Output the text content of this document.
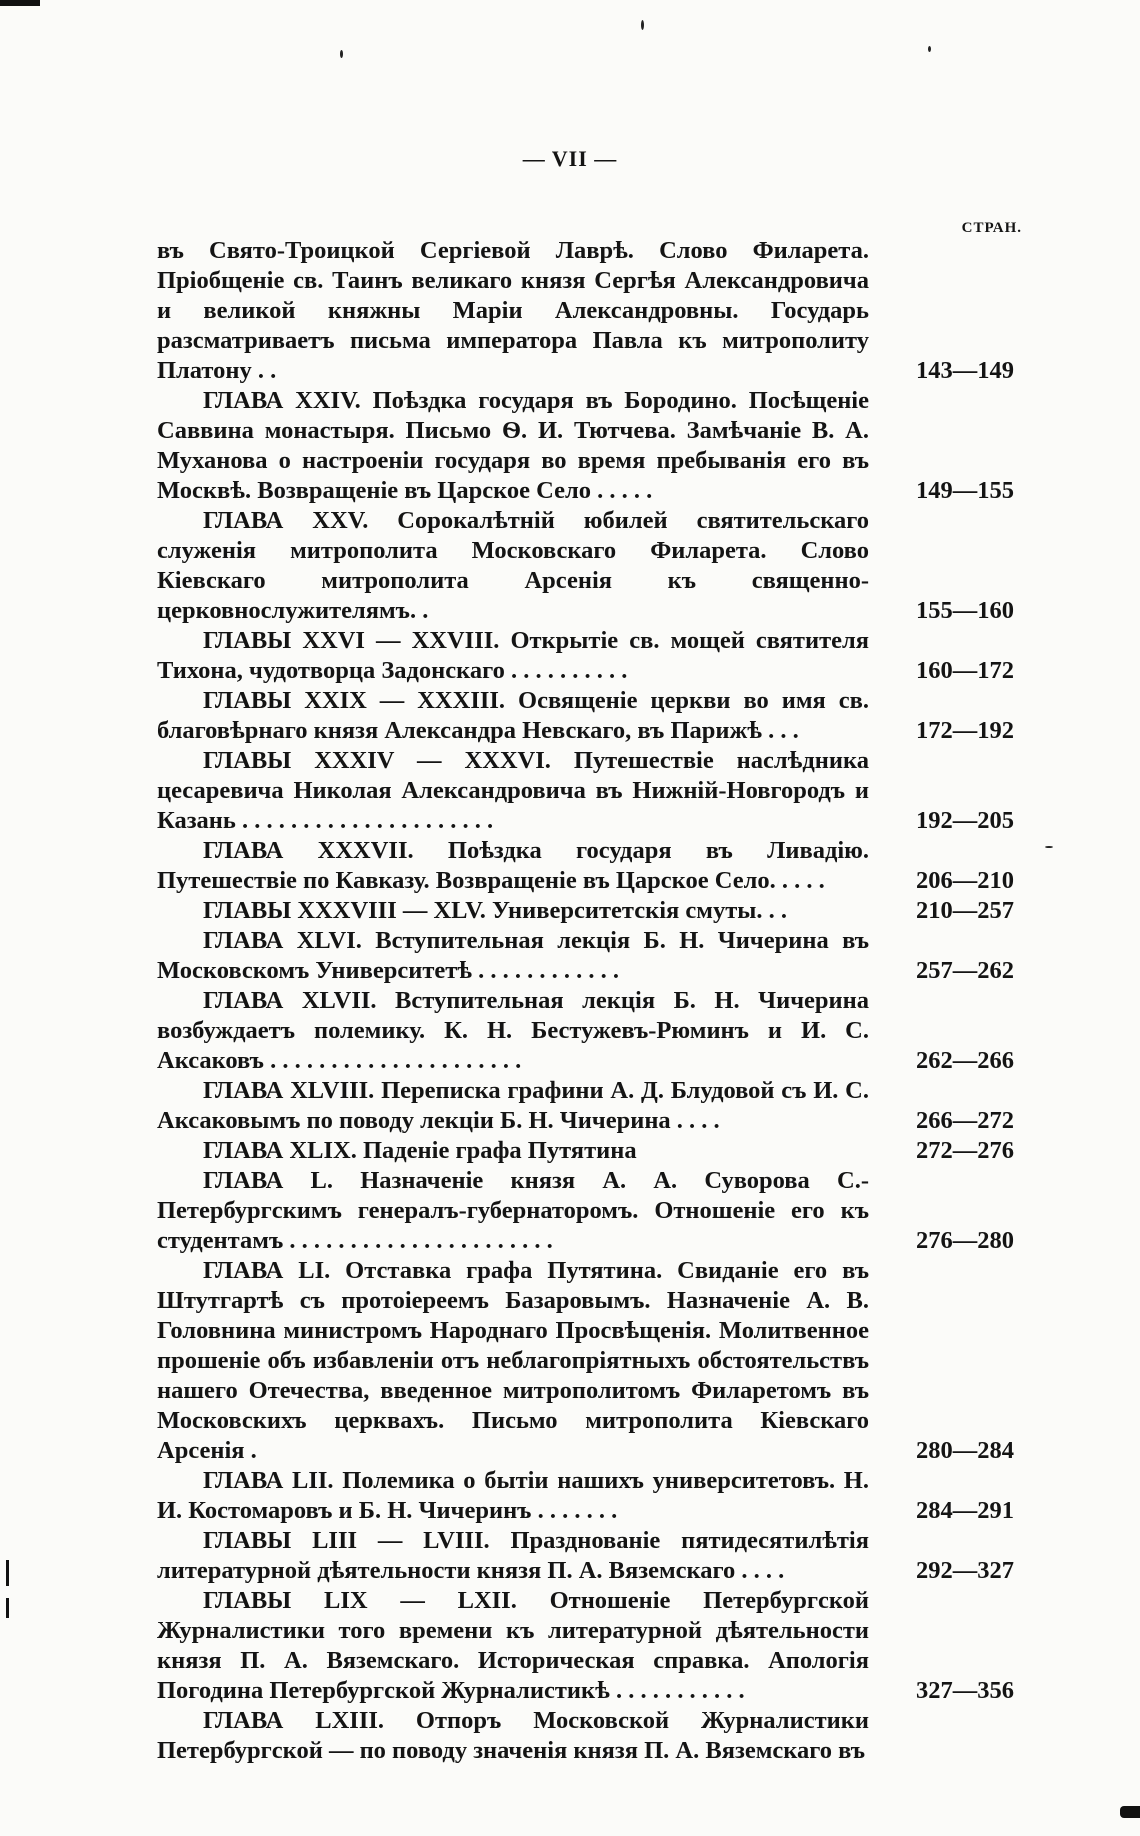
— VII —
СТРАН.
въ Свято-Троицкой Сергіевой Лаврѣ. Слово Филарета. Пріобщеніе св. Таинъ великаго князя Сергѣя Александровича и великой княжны Маріи Александровны. Государь разсматриваетъ письма императора Павла къ митрополиту Платону . .	143—149
ГЛАВА XXIV. Поѣздка государя въ Бородино. Посѣщеніе Саввина монастыря. Письмо Ѳ. И. Тютчева. Замѣчаніе В. А. Муханова о настроеніи государя во время пребыванія его въ Москвѣ. Возвращеніе въ Царское Село . . . . .	149—155
ГЛАВА XXV. Сорокалѣтній юбилей святительскаго служенія митрополита Московскаго Филарета. Слово Кіевскаго митрополита Арсенія къ священно-церковнослужителямъ. .	155—160
ГЛАВЫ XXVI — XXVIII. Открытіе св. мощей святителя Тихона, чудотворца Задонскаго . . . . . . . . . .	160—172
ГЛАВЫ XXIX — XXXIII. Освященіе церкви во имя св. благовѣрнаго князя Александра Невскаго, въ Парижѣ . . .	172—192
ГЛАВЫ XXXIV — XXXVI. Путешествіе наслѣдника цесаревича Николая Александровича въ Нижній-Новгородъ и Казань . . . . . . . . . . . . . . . . . . . . .	192—205
ГЛАВА XXXVII. Поѣздка государя въ Ливадію. Путешествіе по Кавказу. Возвращеніе въ Царское Село. . . . .	206—210
ГЛАВЫ XXXVIII — XLV. Университетскія смуты. . .	210—257
ГЛАВА XLVI. Вступительная лекція Б. Н. Чичерина въ Московскомъ Университетѣ . . . . . . . . . . . .	257—262
ГЛАВА XLVII. Вступительная лекція Б. Н. Чичерина возбуждаетъ полемику. К. Н. Бестужевъ-Рюминъ и И. С. Аксаковъ . . . . . . . . . . . . . . . . . . . . .	262—266
ГЛАВА XLVIII. Переписка графини А. Д. Блудовой съ И. С. Аксаковымъ по поводу лекціи Б. Н. Чичерина . . . .	266—272
ГЛАВА XLIX. Паденіе графа Путятина	272—276
ГЛАВА L. Назначеніе князя А. А. Суворова С.-Петербургскимъ генералъ-губернаторомъ. Отношеніе его къ студентамъ . . . . . . . . . . . . . . . . . . . . . .	276—280
ГЛАВА LI. Отставка графа Путятина. Свиданіе его въ Штутгартѣ съ протоіереемъ Базаровымъ. Назначеніе А. В. Головнина министромъ Народнаго Просвѣщенія. Молитвенное прошеніе объ избавленіи отъ неблагопріятныхъ обстоятельствъ нашего Отечества, введенное митрополитомъ Филаретомъ въ Московскихъ церквахъ. Письмо митрополита Кіевскаго Арсенія .	280—284
ГЛАВА LII. Полемика о бытіи нашихъ университетовъ. Н. И. Костомаровъ и Б. Н. Чичеринъ . . . . . . .	284—291
ГЛАВЫ LIII — LVIII. Празднованіе пятидесятилѣтія литературной дѣятельности князя П. А. Вяземскаго . . . .	292—327
ГЛАВЫ LIX — LXII. Отношеніе Петербургской Журналистики того времени къ литературной дѣятельности князя П. А. Вяземскаго. Историческая справка. Апологія Погодина Петербургской Журналистикѣ . . . . . . . . . . .	327—356
ГЛАВА LXIII. Отпоръ Московской Журналистики Петербургской — по поводу значенія князя П. А. Вяземскаго въ
